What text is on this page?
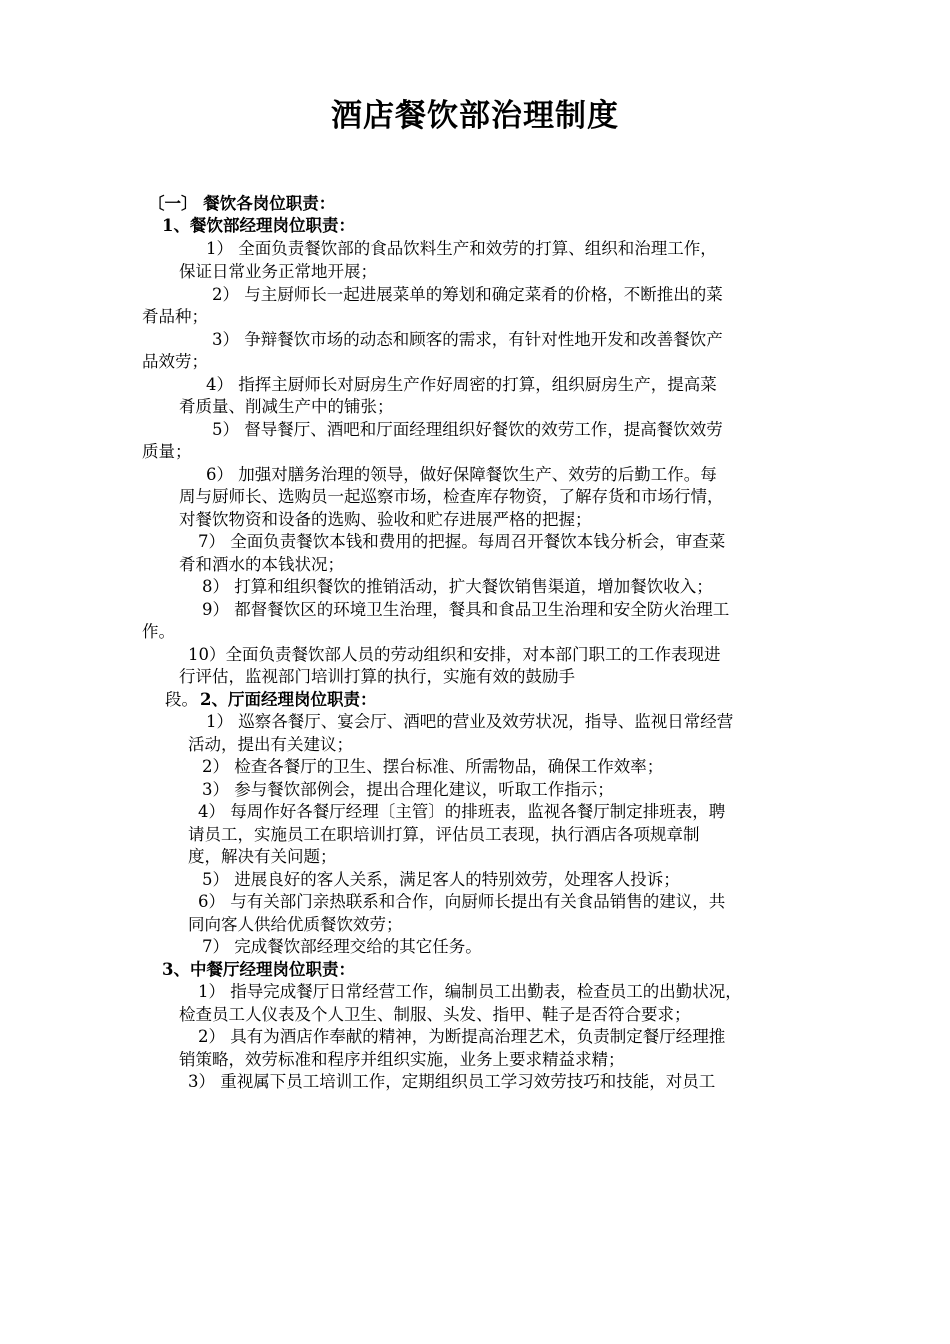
酒店餐饮部治理制度
〔一〕 餐饮各岗位职责：
1、餐饮部经理岗位职责：
1） 全面负责餐饮部的食品饮料生产和效劳的打算、组织和治理工作，
保证日常业务正常地开展；
2） 与主厨师长一起进展菜单的筹划和确定菜肴的价格，不断推出的菜
肴品种；
3） 争辩餐饮市场的动态和顾客的需求，有针对性地开发和改善餐饮产
品效劳；
4） 指挥主厨师长对厨房生产作好周密的打算，组织厨房生产，提高菜
肴质量、削减生产中的铺张；
5） 督导餐厅、酒吧和厅面经理组织好餐饮的效劳工作，提高餐饮效劳
质量；
6） 加强对膳务治理的领导，做好保障餐饮生产、效劳的后勤工作。每
周与厨师长、选购员一起巡察市场，检查库存物资，了解存货和市场行情，
对餐饮物资和设备的选购、验收和贮存进展严格的把握；
7） 全面负责餐饮本钱和费用的把握。每周召开餐饮本钱分析会，审查菜
肴和酒水的本钱状况；
8） 打算和组织餐饮的推销活动，扩大餐饮销售渠道，增加餐饮收入；
9） 都督餐饮区的环境卫生治理，餐具和食品卫生治理和安全防火治理工
作。
10）全面负责餐饮部人员的劳动组织和安排，对本部门职工的工作表现进
行评估，监视部门培训打算的执行，实施有效的鼓励手
段。 2、厅面经理岗位职责：
1） 巡察各餐厅、宴会厅、酒吧的营业及效劳状况，指导、监视日常经营
活动，提出有关建议；
2） 检查各餐厅的卫生、摆台标准、所需物品，确保工作效率；
3） 参与餐饮部例会，提出合理化建议，听取工作指示；
4） 每周作好各餐厅经理〔主管〕的排班表，监视各餐厅制定排班表，聘
请员工，实施员工在职培训打算，评估员工表现，执行酒店各项规章制
度，解决有关问题；
5） 进展良好的客人关系，满足客人的特别效劳，处理客人投诉；
6） 与有关部门亲热联系和合作，向厨师长提出有关食品销售的建议，共
同向客人供给优质餐饮效劳；
7） 完成餐饮部经理交给的其它任务。
3、中餐厅经理岗位职责：
1） 指导完成餐厅日常经营工作，编制员工出勤表，检查员工的出勤状况，
检查员工人仪表及个人卫生、制服、头发、指甲、鞋子是否符合要求；
2） 具有为酒店作奉献的精神，为断提高治理艺术，负责制定餐厅经理推
销策略，效劳标准和程序并组织实施，业务上要求精益求精；
3） 重视属下员工培训工作，定期组织员工学习效劳技巧和技能，对员工
